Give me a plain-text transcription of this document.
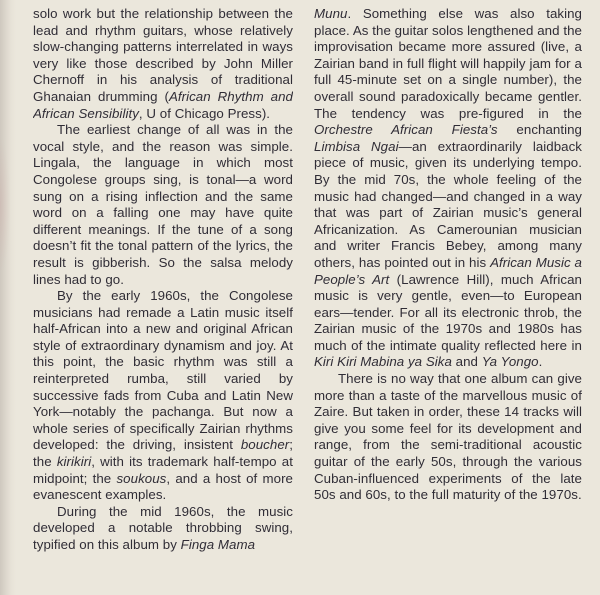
solo work but the relationship between the lead and rhythm guitars, whose relatively slow-changing patterns interrelated in ways very like those described by John Miller Chernoff in his analysis of traditional Ghanaian drumming (African Rhythm and African Sensibility, U of Chicago Press).

The earliest change of all was in the vocal style, and the reason was simple. Lingala, the language in which most Congolese groups sing, is tonal—a word sung on a rising inflection and the same word on a falling one may have quite different meanings. If the tune of a song doesn’t fit the tonal pattern of the lyrics, the result is gibberish. So the salsa melody lines had to go.

By the early 1960s, the Congolese musicians had remade a Latin music itself half-African into a new and original African style of extraordinary dynamism and joy. At this point, the basic rhythm was still a reinterpreted rumba, still varied by successive fads from Cuba and Latin New York—notably the pachanga. But now a whole series of specifically Zairian rhythms developed: the driving, insistent boucher; the kirikiri, with its trademark half-tempo at midpoint; the soukous, and a host of more evanescent examples.

During the mid 1960s, the music developed a notable throbbing swing, typified on this album by Finga Mama

Munu. Something else was also taking place. As the guitar solos lengthened and the improvisation became more assured (live, a Zairian band in full flight will happily jam for a full 45-minute set on a single number), the overall sound paradoxically became gentler. The tendency was pre-figured in the Orchestre African Fiesta’s enchanting Limbisa Ngai—an extraordinarily laidback piece of music, given its underlying tempo. By the mid 70s, the whole feeling of the music had changed—and changed in a way that was part of Zairian music’s general Africanization. As Camerounian musician and writer Francis Bebey, among many others, has pointed out in his African Music a People’s Art (Lawrence Hill), much African music is very gentle, even—to European ears—tender. For all its electronic throb, the Zairian music of the 1970s and 1980s has much of the intimate quality reflected here in Kiri Kiri Mabina ya Sika and Ya Yongo.

There is no way that one album can give more than a taste of the marvellous music of Zaire. But taken in order, these 14 tracks will give you some feel for its development and range, from the semi-traditional acoustic guitar of the early 50s, through the various Cuban-influenced experiments of the late 50s and 60s, to the full maturity of the 1970s.
